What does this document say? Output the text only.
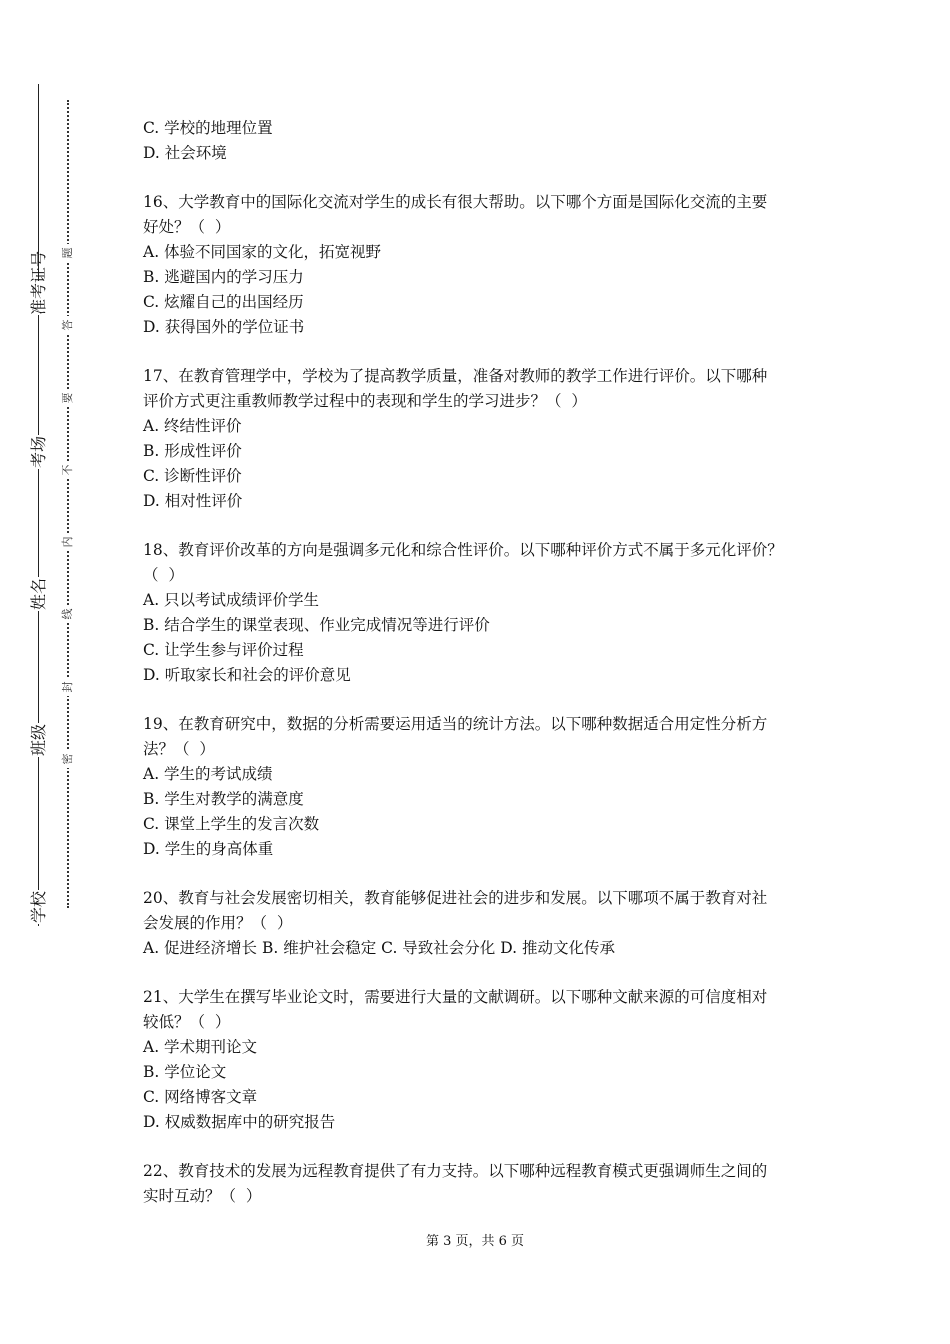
准考证号
考场
姓名
班级
学校
题
答
要
不
内
线
封
密
C. 学校的地理位置
D. 社会环境
16、大学教育中的国际化交流对学生的成长有很大帮助。以下哪个方面是国际化交流的主要
好处？（  ）
A. 体验不同国家的文化，拓宽视野
B. 逃避国内的学习压力
C. 炫耀自己的出国经历
D. 获得国外的学位证书
17、在教育管理学中，学校为了提高教学质量，准备对教师的教学工作进行评价。以下哪种
评价方式更注重教师教学过程中的表现和学生的学习进步？（  ）
A. 终结性评价
B. 形成性评价
C. 诊断性评价
D. 相对性评价
18、教育评价改革的方向是强调多元化和综合性评价。以下哪种评价方式不属于多元化评价？
（  ）
A. 只以考试成绩评价学生
B. 结合学生的课堂表现、作业完成情况等进行评价
C. 让学生参与评价过程
D. 听取家长和社会的评价意见
19、在教育研究中，数据的分析需要运用适当的统计方法。以下哪种数据适合用定性分析方
法？（  ）
A. 学生的考试成绩
B. 学生对教学的满意度
C. 课堂上学生的发言次数
D. 学生的身高体重
20、教育与社会发展密切相关，教育能够促进社会的进步和发展。以下哪项不属于教育对社
会发展的作用？（  ）
A. 促进经济增长 B. 维护社会稳定 C. 导致社会分化 D. 推动文化传承
21、大学生在撰写毕业论文时，需要进行大量的文献调研。以下哪种文献来源的可信度相对
较低？（  ）
A. 学术期刊论文
B. 学位论文
C. 网络博客文章
D. 权威数据库中的研究报告
22、教育技术的发展为远程教育提供了有力支持。以下哪种远程教育模式更强调师生之间的
实时互动？（  ）
第 3 页，共 6 页
